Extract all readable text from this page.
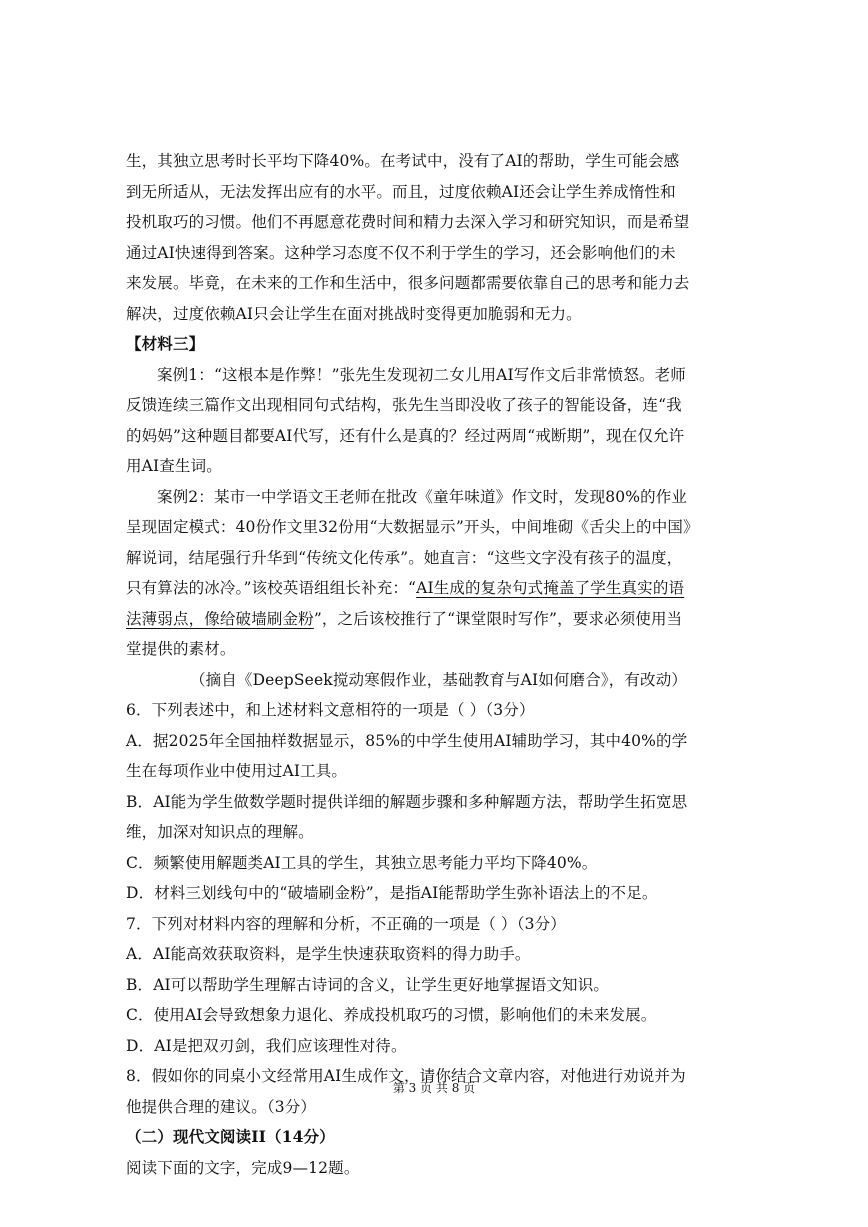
生，其独立思考时长平均下降40%。在考试中，没有了AI的帮助，学生可能会感到无所适从，无法发挥出应有的水平。而且，过度依赖AI还会让学生养成惰性和投机取巧的习惯。他们不再愿意花费时间和精力去深入学习和研究知识，而是希望通过AI快速得到答案。这种学习态度不仅不利于学生的学习，还会影响他们的未来发展。毕竟，在未来的工作和生活中，很多问题都需要依靠自己的思考和能力去解决，过度依赖AI只会让学生在面对挑战时变得更加脆弱和无力。

【材料三】

案例1：“这根本是作弊！”张先生发现初二女儿用AI写作文后非常愤怒。老师反馈连续三篇作文出现相同句式结构，张先生当即没收了孩子的智能设备，连“我的妈妈”这种题目都要AI代写，还有什么是真的？经过两周“戒断期”，现在仅允许用AI查生词。

案例2：某市一中学语文王老师在批改《童年味道》作文时，发现80%的作业呈现固定模式：40份作文里32份用“大数据显示”开头，中间堆砌《舌尖上的中国》解说词，结尾强行升华到“传统文化传承”。她直言：“这些文字没有孩子的温度，只有算法的冰冷。”该校英语组组长补充：“AI生成的复杂句式掩盖了学生真实的语法薄弱点，像给破墙刷金粉”，之后该校推行了“课堂限时写作”，要求必须使用当堂提供的素材。

（摘自《DeepSeek搅动寒假作业，基础教育与AI如何磨合》，有改动）

6．下列表述中，和上述材料文意相符的一项是（ ）（3分）

A．据2025年全国抽样数据显示，85%的中学生使用AI辅助学习，其中40%的学生在每项作业中使用过AI工具。

B．AI能为学生做数学题时提供详细的解题步骤和多种解题方法，帮助学生拓宽思维，加深对知识点的理解。

C．频繁使用解题类AI工具的学生，其独立思考能力平均下降40%。

D．材料三划线句中的“破墙刷金粉”，是指AI能帮助学生弥补语法上的不足。

7．下列对材料内容的理解和分析，不正确的一项是（ ）（3分）

A．AI能高效获取资料，是学生快速获取资料的得力助手。

B．AI可以帮助学生理解古诗词的含义，让学生更好地掌握语文知识。

C．使用AI会导致想象力退化、养成投机取巧的习惯，影响他们的未来发展。

D．AI是把双刃剑，我们应该理性对待。

8．假如你的同桌小文经常用AI生成作文，请你结合文章内容，对他进行劝说并为他提供合理的建议。（3分）

（二）现代文阅读II（14分）

阅读下面的文字，完成9—12题。

第 3 页 共 8 页
